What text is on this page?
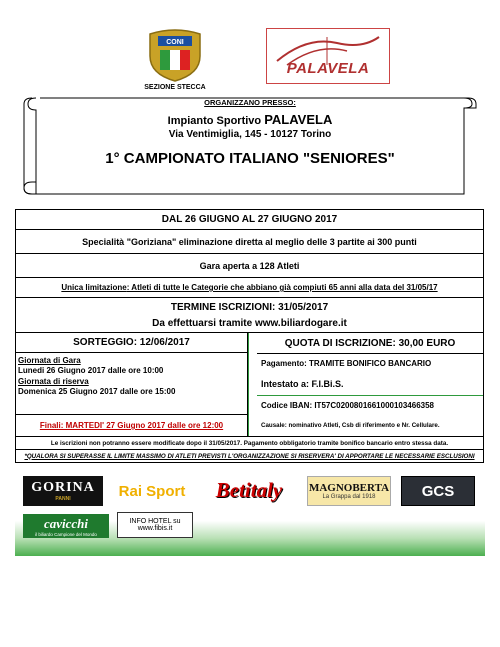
CONI
SEZIONE STECCA
PALAVELA
ORGANIZZANO PRESSO:
Impianto Sportivo PALAVELA
Via Ventimiglia, 145 - 10127 Torino
1° CAMPIONATO ITALIANO "SENIORES"
DAL 26 GIUGNO AL 27 GIUGNO 2017
Specialità "Goriziana" eliminazione diretta al meglio delle 3 partite ai 300 punti
Gara aperta a 128 Atleti
Unica limitazione : Atleti di tutte le Categorie che abbiano già compiuti 65 anni alla data del 31/05/17
TERMINE ISCRIZIONI: 31/05/2017
Da effettuarsi tramite www.biliardogare.it
SORTEGGIO: 12/06/2017
Giornata di Gara
Lunedi 26 Giugno 2017 dalle ore 10:00
Giornata di riserva
Domenica 25 Giugno 2017 dalle ore 15:00
Finali: MARTEDI' 27 Giugno 2017 dalle ore 12:00
QUOTA DI ISCRIZIONE: 30,00 EURO
Pagamento: TRAMITE BONIFICO BANCARIO
Intestato a: F.I.Bi.S.
Codice IBAN: IT57C0200801661000103466358
Causale: nominativo Atleti, Csb di riferimento e Nr. Cellulare.
Le iscrizioni non potranno essere modificate dopo il 31/05/2017. Pagamento obbligatorio tramite bonifico bancario entro stessa data.
*QUALORA SI SUPERASSE IL LIMITE MASSIMO DI ATLETI PREVISTI L'ORGANIZZAZIONE SI RISERVERA' DI APPORTARE LE NECESSARIE ESCLUSIONI
GORINA
PANNI	Rai Sport Betitaly MAGNOBERTA
La Grappa dal 1918	GCS
cavicchi
il biliardo Campione del Mondo
INFO HOTEL su
www.fibis.it
